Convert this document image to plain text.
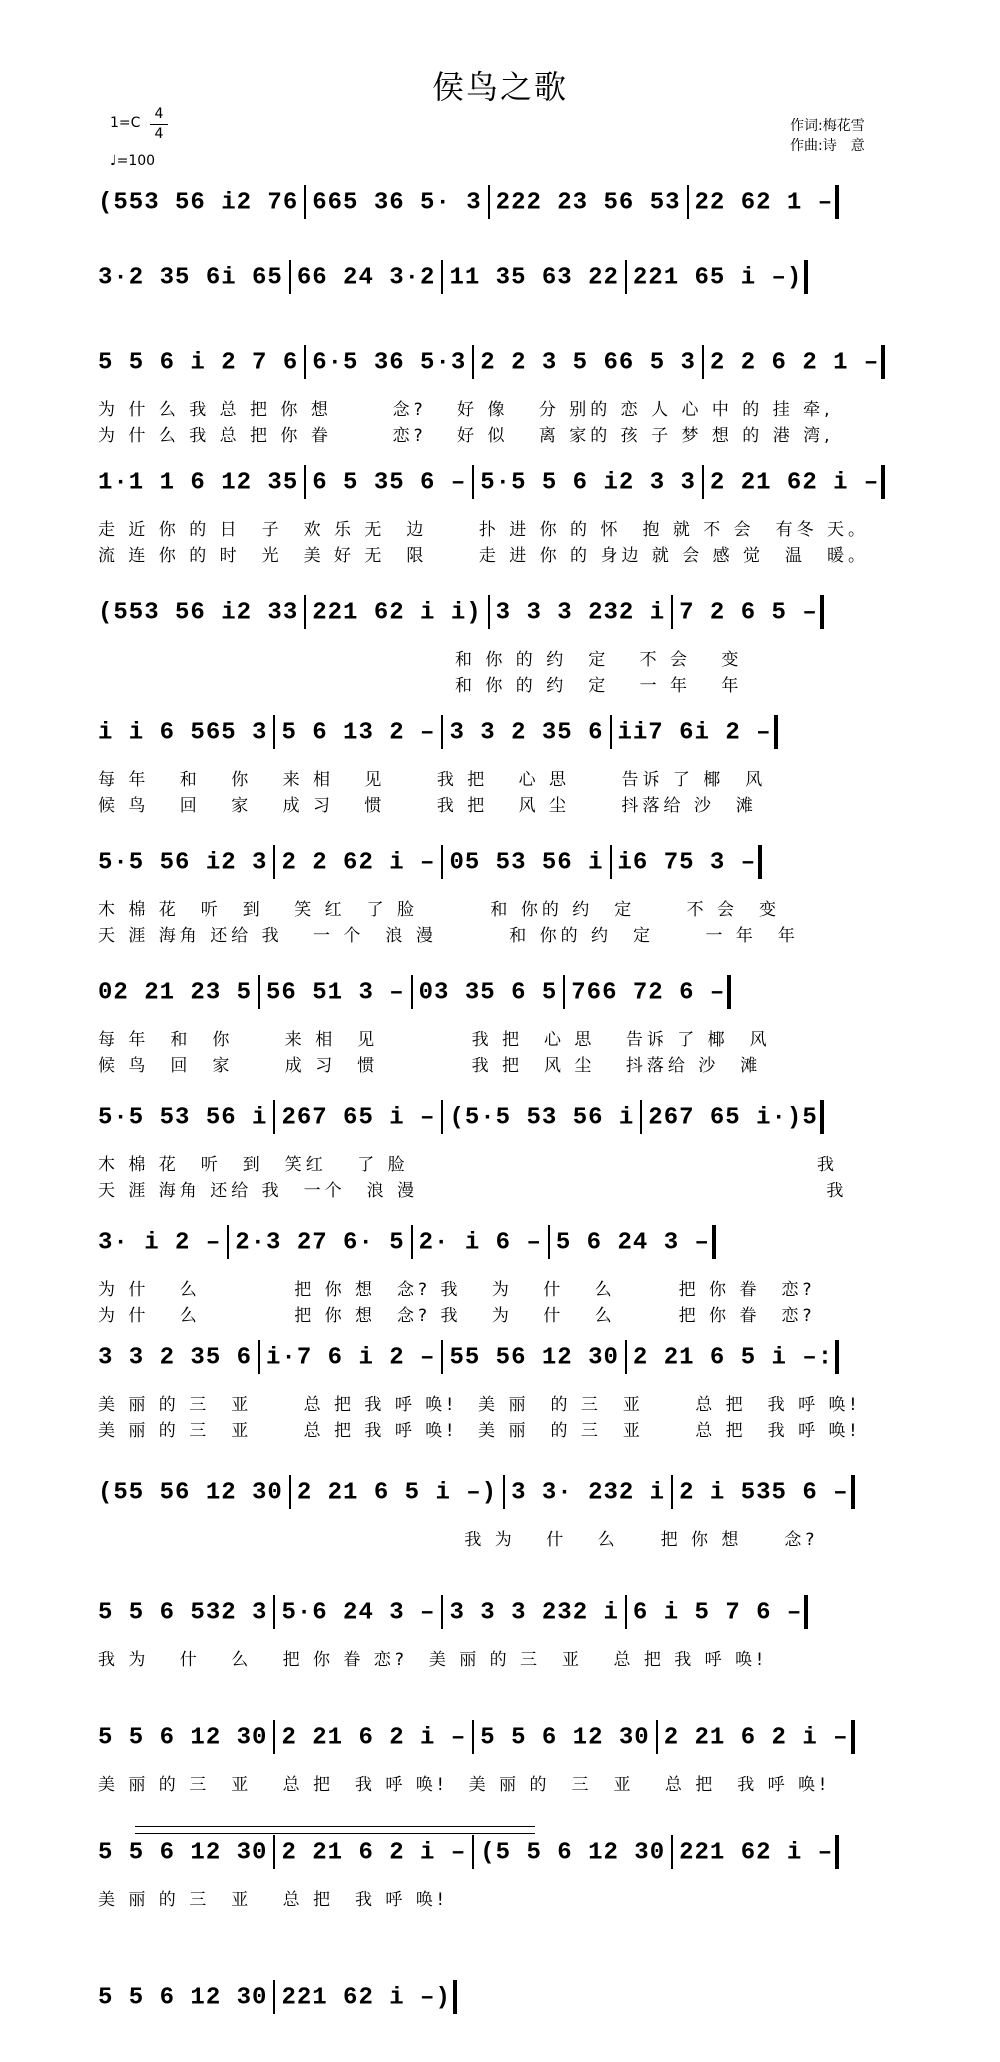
侯鸟之歌
1=C
4
4
♩=100
作词:梅花雪
作曲:诗　意
(553 56 i2 76 665 36 5· 3 222 23 56 53 22 62 1 –
3·2 35 6i 65 66 24 3·2 11 35 63 22 221 65 i –)
5 5 6 i 2 7 6 6·5 36 5·3 2 2 3 5 66 5 3 2 2 6 2 1 –
为 什 么 我 总 把 你 想　 　 念?　 好 像　 分 别的 恋 人 心 中 的 挂 牵,
为 什 么 我 总 把 你 眷　 　 恋?　 好 似　 离 家的 孩 子 梦 想 的 港 湾,
1·1 1 6 12 35 6 5 35 6 – 5·5 5 6 i2 3 3 2 21 62 i –
走 近 你 的 日　子　欢 乐 无　边　　 扑 进 你 的 怀　抱 就 不 会　有冬 天。
流 连 你 的 时　光　美 好 无　限　　 走 进 你 的 身边 就 会 感 觉　温　暖。
(553 56 i2 33 221 62 i i) 3 3 3 232 i 7 2 6 5 –
　　　　　　　　　　　　　　　　　和 你 的 约　定　 不 会　 变
　　　　　　　　　　　　　　　　　和 你 的 约　定　 一 年　 年
i i 6 565 3 5 6 13 2 – 3 3 2 35 6 ii7 6i 2 –
每 年　 和　 你　 来 相　 见　　 我 把　 心 思　　 告诉 了 椰　风
候 鸟　 回　 家　 成 习　 惯　　 我 把　 风 尘　　 抖落给 沙　滩
5·5 56 i2 3 2 2 62 i – 05 53 56 i i6 75 3 –
木 棉 花　听　到　 笑 红　了 脸　　　 和 你的 约　定　　 不 会　变
天 涯 海角 还给 我　 一 个　浪 漫　　　 和 你的 约　定　　 一 年　年
02 21 23 5 56 51 3 – 03 35 6 5 766 72 6 –
每 年　和　你　　 来 相　见　　　　 我 把　心 思　 告诉 了 椰　风
候 鸟　回　家　　 成 习　惯　　　　 我 把　风 尘　 抖落给 沙　滩
5·5 53 56 i 267 65 i – (5·5 53 56 i 267 65 i·)5
木 棉 花　听　到　笑红　 了 脸　　　　　　　　　　　　　　　　　　　 我
天 涯 海角 还给 我　一个　浪 漫　　　　　　　　　　　　　　　　　　　 我
3· i 2 – 2·3 27 6· 5 2· i 6 – 5 6 24 3 –
为 什　 么　　　　 把 你 想　念? 我　 为　 什　 么　　　把 你 眷　恋?
为 什　 么　　　　 把 你 想　念? 我　 为　 什　 么　　　把 你 眷　恋?
3 3 2 35 6 i·7 6 i 2 – 55 56 12 30 2 21 6 5 i –:
美 丽 的 三　亚　　 总 把 我 呼 唤!　美 丽　的 三　亚　　 总 把　我 呼 唤!
美 丽 的 三　亚　　 总 把 我 呼 唤!　美 丽　的 三　亚　　 总 把　我 呼 唤!
(55 56 12 30 2 21 6 5 i –) 3 3· 232 i 2 i 535 6 –
　　　　　　　　　　　　　　　　　 我 为　 什　 么　　把 你 想　　念?
5 5 6 532 3 5·6 24 3 – 3 3 3 232 i 6 i 5 7 6 –
我 为　 什　 么　 把 你 眷 恋?　美 丽 的 三　亚　 总 把 我 呼 唤!
5 5 6 12 30 2 21 6 2 i – 5 5 6 12 30 2 21 6 2 i –
美 丽 的 三　亚　 总 把　我 呼 唤!　美 丽 的　三　亚　 总 把　我 呼 唤!
5 5 6 12 30 2 21 6 2 i – (5 5 6 12 30 221 62 i –
美 丽 的 三　亚　 总 把　我 呼 唤!
5 5 6 12 30 221 62 i –)
